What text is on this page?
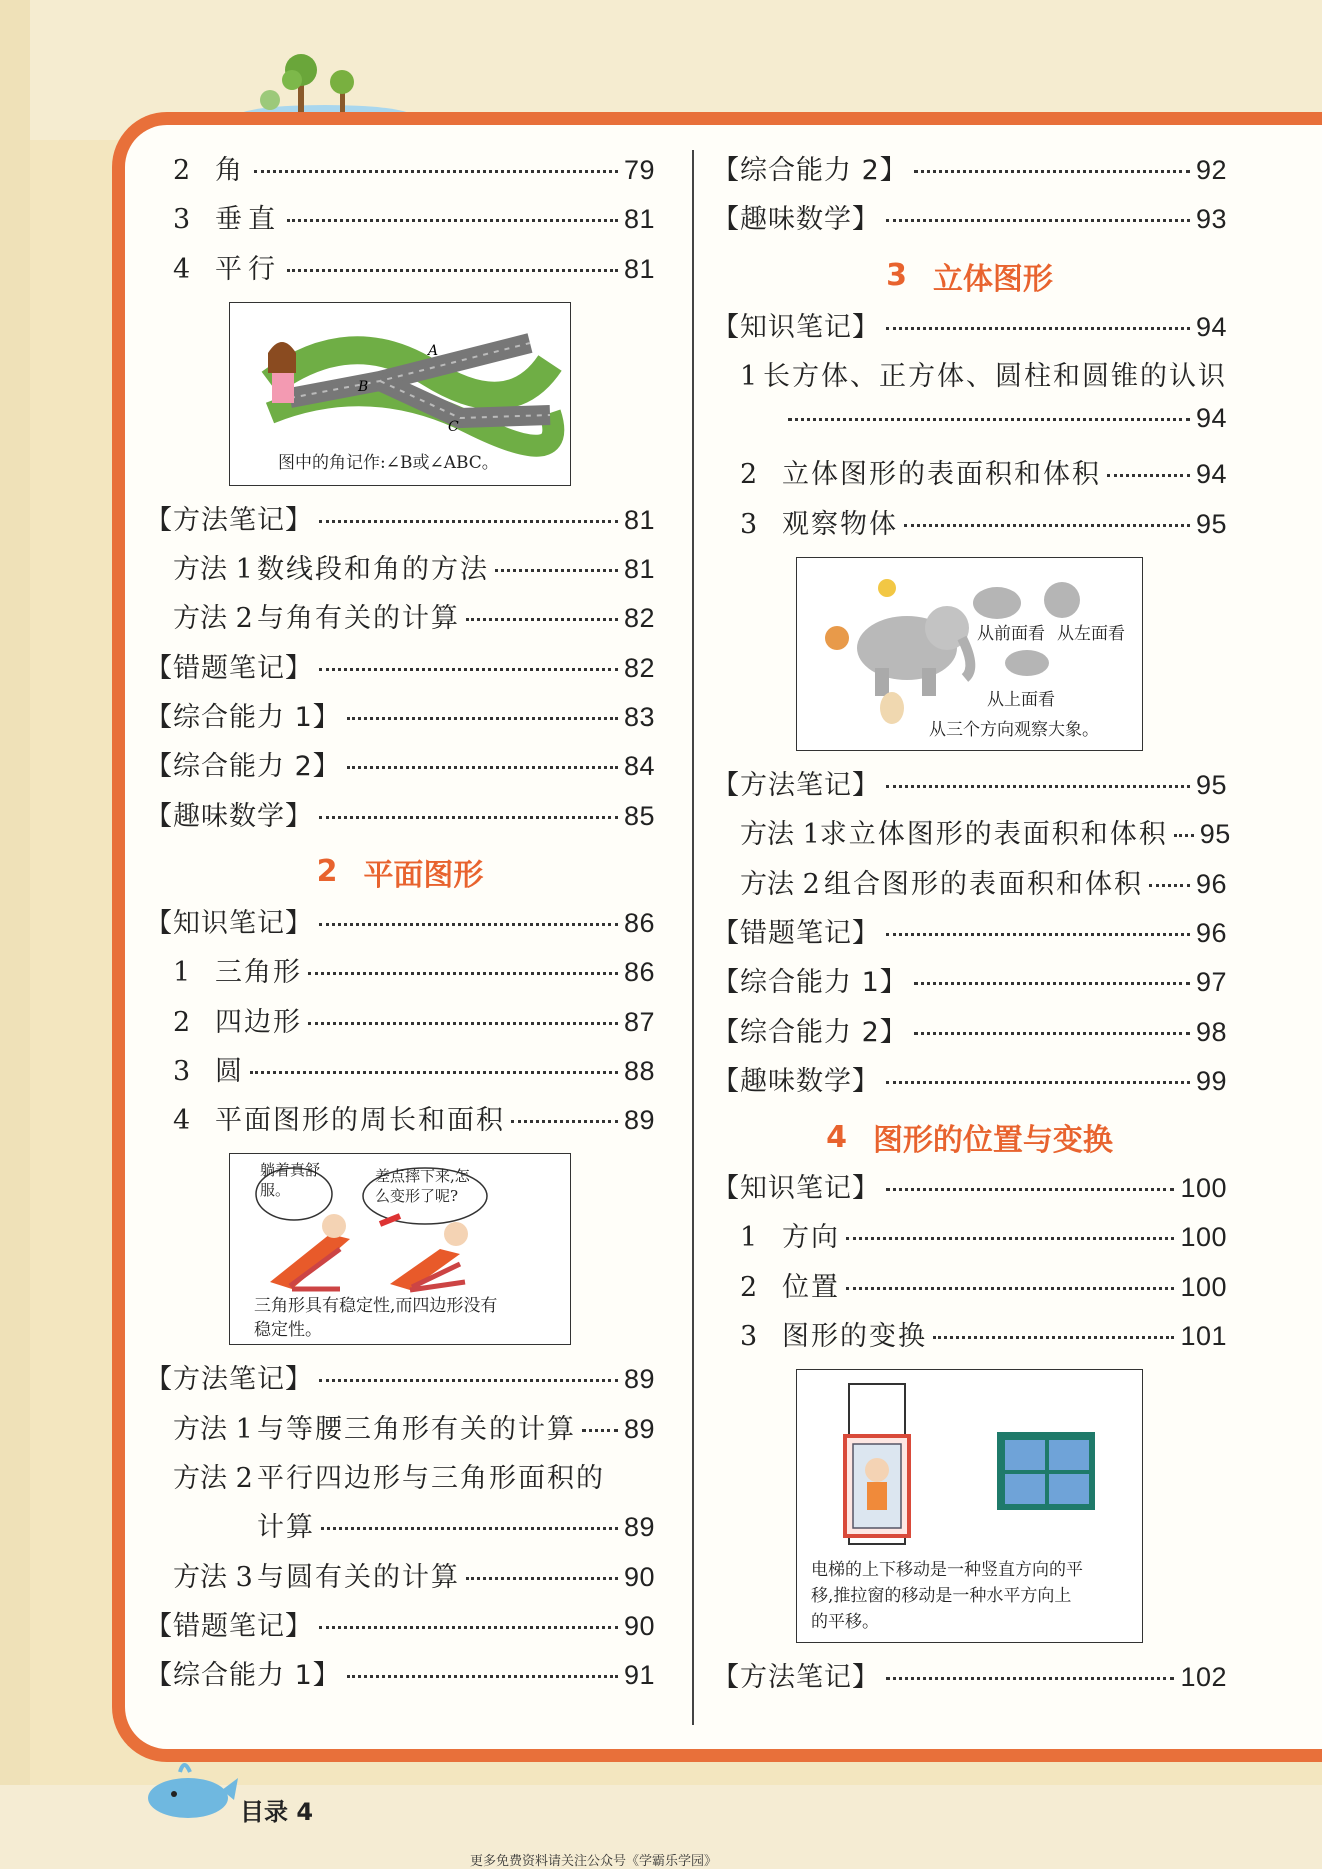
2 角	79
3 垂直	81
4 平行	81
A
B
C
图中的角记作:∠B或∠ABC。
【方法笔记】	81
方法 1 数线段和角的方法	81
方法 2 与角有关的计算	82
【错题笔记】	82
【综合能力 1】	83
【综合能力 2】	84
【趣味数学】	85
2 平面图形
【知识笔记】	86
1 三角形	86
2 四边形	87
3 圆	88
4 平面图形的周长和面积	89
躺着真舒服。
差点摔下来,怎么变形了呢?
三角形具有稳定性,而四边形没有
稳定性。
【方法笔记】	89
方法 1 与等腰三角形有关的计算 89
方法 2 平行四边形与三角形面积的
计算	89
方法 3 与圆有关的计算	90
【错题笔记】	90
【综合能力 1】	91
【综合能力 2】	92
【趣味数学】	93
3 立体图形
【知识笔记】	94
1 长方体、正方体、圆柱和圆锥的认识
94
2 立体图形的表面积和体积	94
3 观察物体	95
从前面看 从左面看
从上面看
从三个方向观察大象。
【方法笔记】	95
方法 1 求立体图形的表面积和体积 95
方法 2 组合图形的表面积和体积 96
【错题笔记】	96
【综合能力 1】	97
【综合能力 2】	98
【趣味数学】	99
4 图形的位置与变换
【知识笔记】	100
1 方向	100
2 位置	100
3 图形的变换	101
电梯的上下移动是一种竖直方向的平
移,推拉窗的移动是一种水平方向上
的平移。
【方法笔记】	102
目录 4
更多免费资料请关注公众号《学霸乐学园》
